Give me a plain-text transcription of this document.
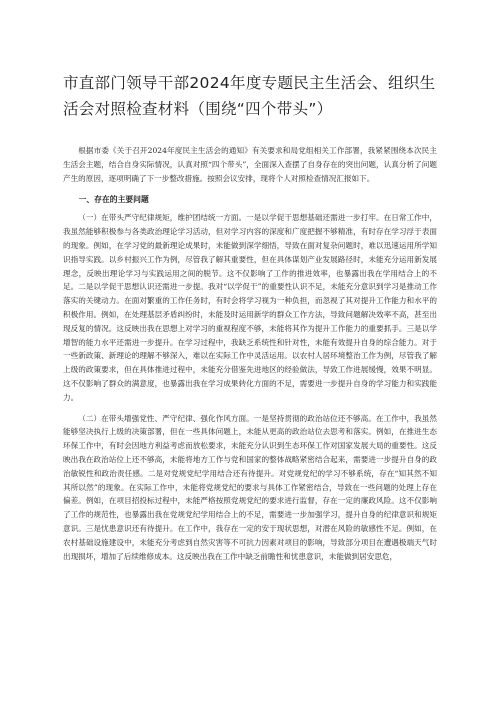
市直部门领导干部2024年度专题民主生活会、组织生活会对照检查材料（围绕“四个带头”）

根据市委《关于召开2024年度民主生活会的通知》有关要求和局党组相关工作部署，我紧紧围绕本次民主生活会主题，结合自身实际情况，认真对照“四个带头”，全面深入查摆了自身存在的突出问题，认真分析了问题产生的原因，逐项明确了下一步整改措施。按照会议安排，现将个人对照检查情况汇报如下。

一、存在的主要问题

（一）在带头严守纪律规矩，维护团结统一方面。一是以学促干思想基础还需进一步打牢。在日常工作中，我虽然能够积极参与各类政治理论学习活动，但对学习内容的深度和广度把握不够精准，有时存在学习浮于表面的现象。例如，在学习党的最新理论成果时，未能做到深学细悟，导致在面对复杂问题时，难以迅速运用所学知识指导实践。以乡村振兴工作为例，尽管我了解其重要性，但在具体谋划产业发展路径时，未能充分运用新发展理念，反映出理论学习与实践运用之间的脱节。这不仅影响了工作的推进效率，也暴露出我在学用结合上的不足。二是以学促干思想认识还需进一步提。我对“以学促干”的重要性认识不足，未能充分意识到学习是推动工作落实的关键动力。在面对繁重的工作任务时，有时会将学习视为一种负担，而忽视了其对提升工作能力和水平的积极作用。例如，在处理基层矛盾纠纷时，未能及时运用新学的群众工作方法，导致问题解决效率不高，甚至出现反复的情况。这反映出我在思想上对学习的重视程度不够，未能将其作为提升工作能力的重要抓手。三是以学增智的能力水平还需进一步提升。在学习过程中，我缺乏系统性和针对性，未能有效提升自身的综合能力。对于一些新政策、新理论的理解不够深入，难以在实际工作中灵活运用。以农村人居环境整治工作为例，尽管我了解上级的政策要求，但在具体推进过程中，未能充分借鉴先进地区的经验做法，导致工作进展缓慢，效果不明显。这不仅影响了群众的满意度，也暴露出我在学习成果转化方面的不足，需要进一步提升自身的学习能力和实践能力。

（二）在带头增强党性、严守纪律、强化作风方面。一是坚持贯彻的政治站位还不够高。在工作中，我虽然能够坚决执行上级的决策部署，但在一些具体问题上，未能从更高的政治站位去思考和落实。例如，在推进生态环保工作中，有时会因地方利益考虑而放松要求，未能充分认识到生态环保工作对国家发展大局的重要性。这反映出我在政治站位上还不够高，未能将地方工作与党和国家的整体战略紧密结合起来，需要进一步提升自身的政治敏锐性和政治责任感。二是对党规党纪学用结合还有待提升。对党规党纪的学习不够系统，存在“知其然不知其所以然”的现象。在实际工作中，未能将党规党纪的要求与具体工作紧密结合，导致在一些问题的处理上存在偏差。例如，在项目招投标过程中，未能严格按照党规党纪的要求进行监督，存在一定的廉政风险。这不仅影响了工作的规范性，也暴露出我在党规党纪学用结合上的不足，需要进一步加强学习，提升自身的纪律意识和规矩意识。三是忧患意识还有待提升。在工作中，我存在一定的安于现状思想，对潜在风险的敏感性不足。例如，在农村基础设施建设中，未能充分考虑到自然灾害等不可抗力因素对项目的影响，导致部分项目在遭遇极端天气时出现损坏，增加了后续维修成本。这反映出我在工作中缺乏前瞻性和忧患意识，未能做到居安思危，
